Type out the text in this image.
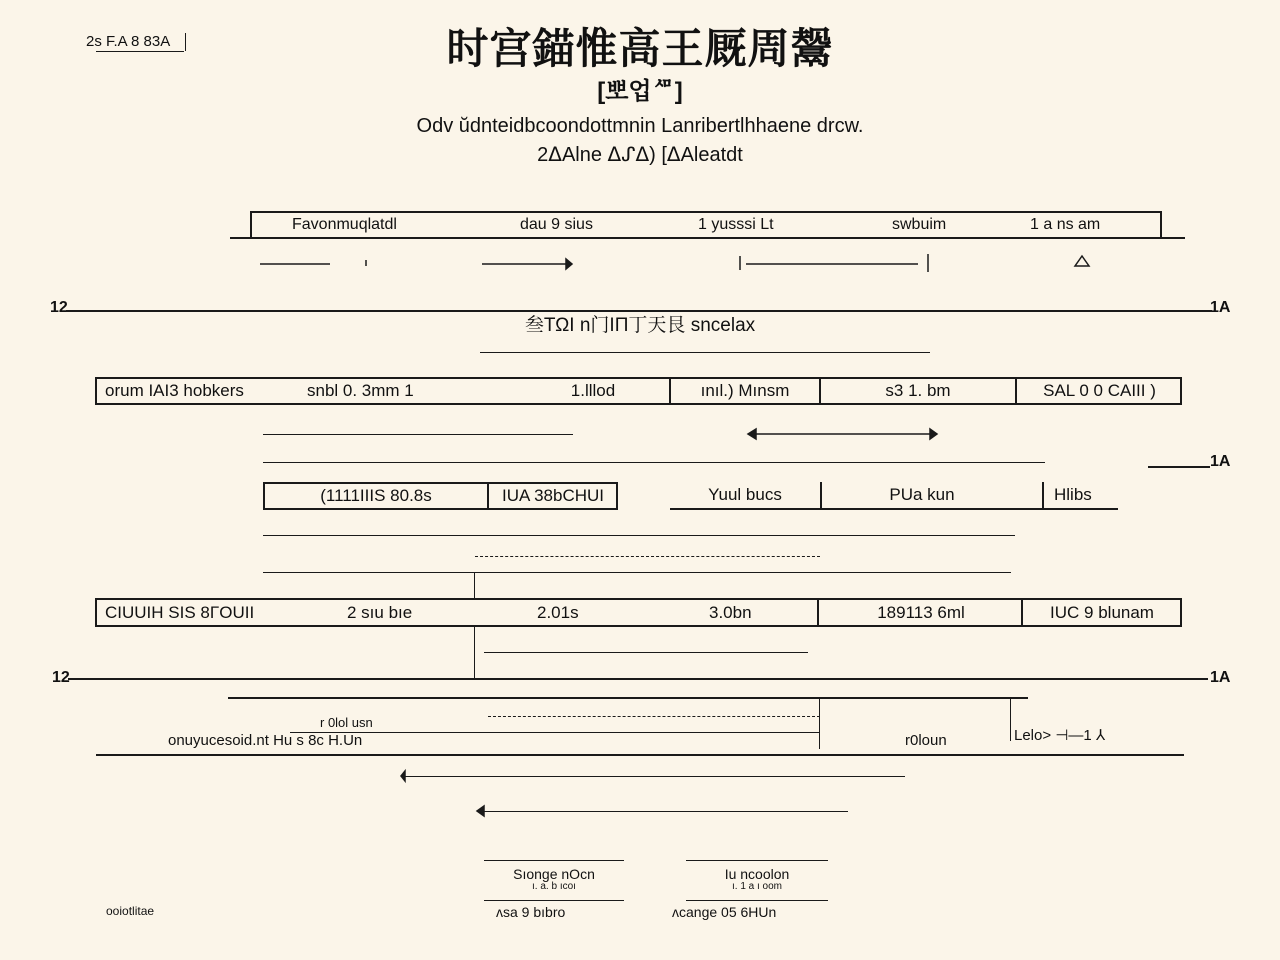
2s F.A 8 83A	时宫錨惟高王厩周鬶
[뽀업ᄱ]
Odv ŭdnteidbcoondottmnin Lanribertlhhaene drcw.
2ᐃAlne ᐃᔑᐃ) [ᐃAleatdt
Favonmuqlatdl	dau 9 sius	1 yusssi Lt	swbuim	1 a ns am
12	1A
1A
12	1A
叁ΤΩΙ n门ΙΠ丁天艮 sncelax
orum IAI3 hobkers	snbl 0. 3mm 1	1.lllod	ınıl.) Mınsm	s3 1. bm	SAL 0 0 CAIII )
(1111IIIS 80.8s	IUA 38bCHUI	Yuul bucs	PUa kun	Hlibs
CIUUIH SIS 8ΓΟUII	2 sıu bıe	2.01s	3.0bn	189113 6ml	IUC 9 blunam
r 0lol usn
onuyucesoid.nt Hu s 8c H.Un	r0loun	Lelo> ⊣—1 ⅄
Sıonge nOcn
ı. a. b ıcoı
ʌsa 9 bıbro
Iu ncoolon
ı. 1 a ı oom
ʌcange 05 6HUn
ooiotlitae
